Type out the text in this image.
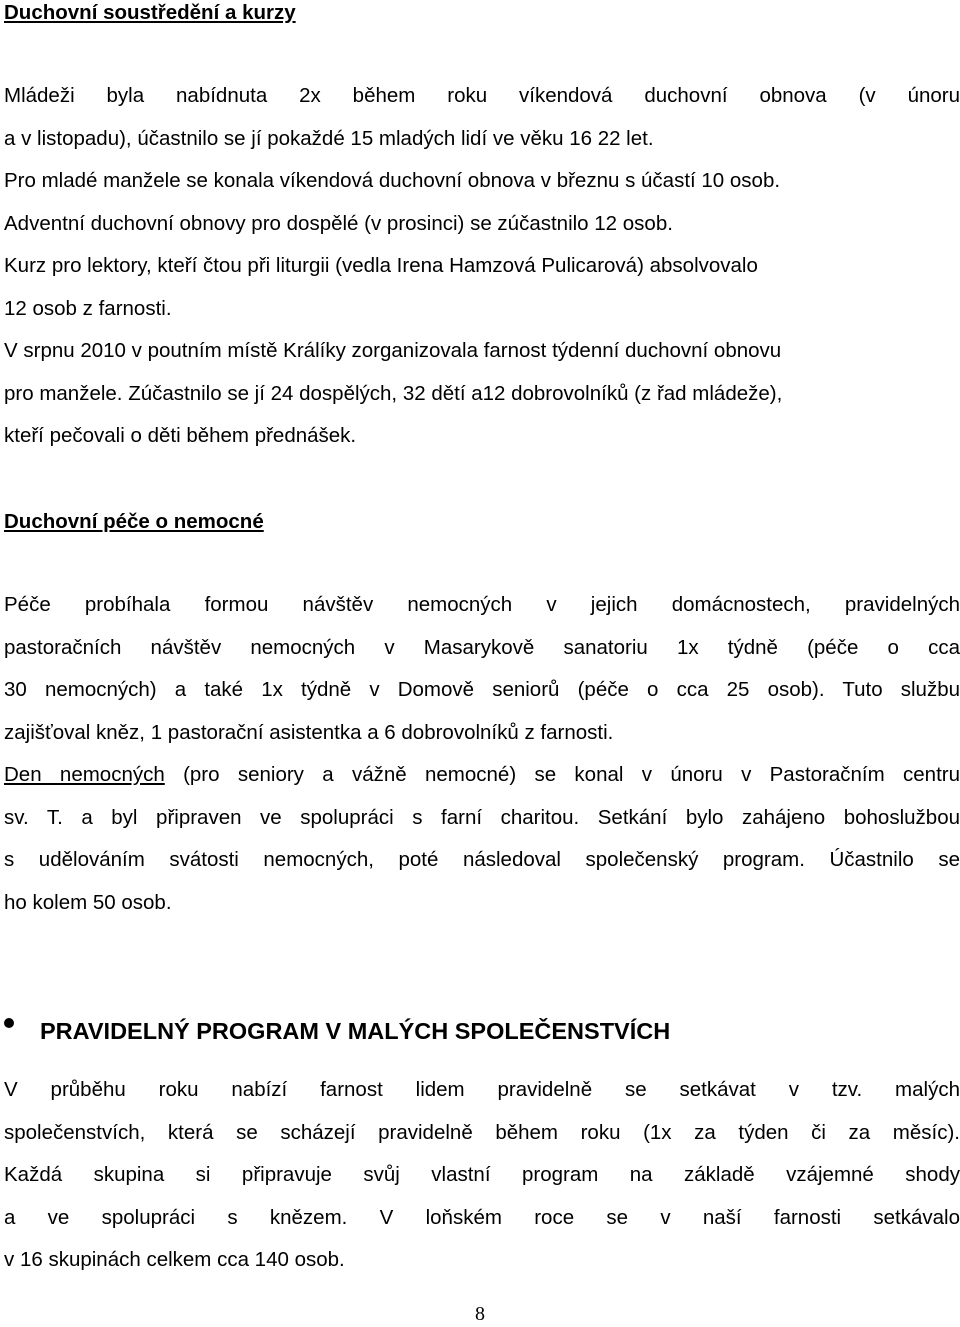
Duchovní soustředění a kurzy
Mládeži byla nabídnuta 2x během roku víkendová duchovní obnova (v únoru
a v listopadu), účastnilo se jí pokaždé 15 mladých lidí ve věku 16 22 let.
Pro mladé manžele se konala víkendová duchovní obnova v březnu s účastí 10 osob.
Adventní duchovní obnovy pro dospělé (v prosinci) se zúčastnilo 12 osob.
Kurz pro lektory, kteří čtou při liturgii (vedla Irena Hamzová Pulicarová) absolvovalo
12 osob z farnosti.
V srpnu 2010 v poutním místě Králíky zorganizovala farnost týdenní duchovní obnovu
pro manžele. Zúčastnilo se jí 24 dospělých, 32 dětí a12 dobrovolníků (z řad mládeže),
kteří pečovali o děti během přednášek.
Duchovní péče o nemocné
Péče probíhala formou návštěv nemocných v jejich domácnostech, pravidelných
pastoračních návštěv nemocných v Masarykově sanatoriu 1x týdně (péče o cca
30 nemocných) a také 1x týdně v Domově seniorů (péče o cca 25 osob). Tuto službu
zajišťoval kněz, 1 pastorační asistentka a 6 dobrovolníků z farnosti.
Den nemocných (pro seniory a vážně nemocné) se konal v únoru v Pastoračním centru
sv. T. a byl připraven ve spolupráci s farní charitou. Setkání bylo zahájeno bohoslužbou
s udělováním svátosti nemocných, poté následoval společenský program. Účastnilo se
ho kolem 50 osob.
PRAVIDELNÝ PROGRAM V MALÝCH SPOLEČENSTVÍCH
V průběhu roku nabízí farnost lidem pravidelně se setkávat v tzv. malých
společenstvích, která se scházejí pravidelně během roku (1x za týden či za měsíc).
Každá skupina si připravuje svůj vlastní program na základě vzájemné shody
a ve spolupráci s knězem. V loňském roce se v naší farnosti setkávalo
v 16 skupinách celkem cca 140 osob.
8
